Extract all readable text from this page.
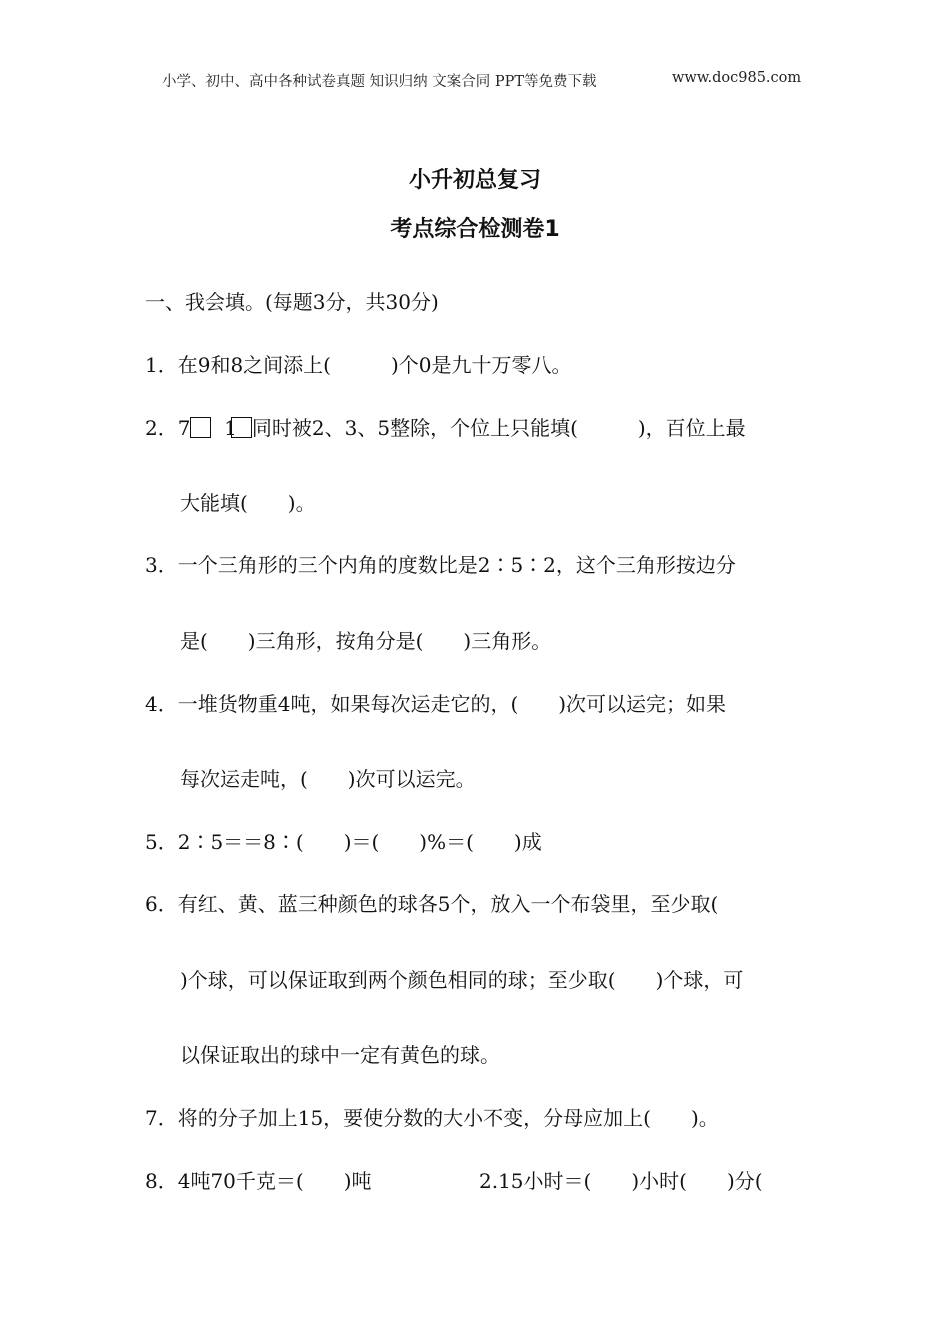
小学、初中、高中各种试卷真题 知识归纳 文案合同 PPT等免费下载	www.doc985.com
小升初总复习
考点综合检测卷1
一、我会填。(每题3分，共30分)
1．在9和8之间添上(　　　)个0是九十万零八。
2．7 1 同时被2、3、5整除，个位上只能填(　　　)，百位上最
大能填(　　)。
3．一个三角形的三个内角的度数比是2∶5∶2，这个三角形按边分
是(　　)三角形，按角分是(　　)三角形。
4．一堆货物重4吨，如果每次运走它的，(　　)次可以运完；如果
每次运走吨，(　　)次可以运完。
5．2∶5＝＝8∶(　　)＝(　　)%＝(　　)成
6．有红、黄、蓝三种颜色的球各5个，放入一个布袋里，至少取(
)个球，可以保证取到两个颜色相同的球；至少取(　　)个球，可
以保证取出的球中一定有黄色的球。
7．将的分子加上15，要使分数的大小不变，分母应加上(　　)。
8．4吨70千克＝(　　)吨	2.15小时＝(　　)小时(　　)分(
